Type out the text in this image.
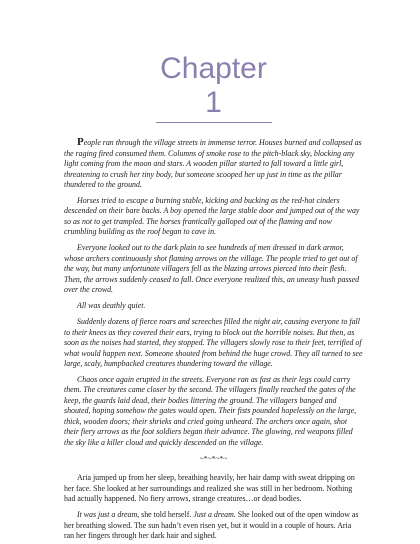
Chapter 1

People ran through the village streets in immense terror. Houses burned and collapsed as the raging fired consumed them. Columns of smoke rose to the pitch-black sky, blocking any light coming from the moon and stars. A wooden pillar started to fall toward a little girl, threatening to crush her tiny body, but someone scooped her up just in time as the pillar thundered to the ground.

Horses tried to escape a burning stable, kicking and bucking as the red-hot cinders descended on their bare backs. A boy opened the large stable door and jumped out of the way so as not to get trampled. The horses frantically galloped out of the flaming and now crumbling building as the roof began to cave in.

Everyone looked out to the dark plain to see hundreds of men dressed in dark armor, whose archers continuously shot flaming arrows on the village. The people tried to get out of the way, but many unfortunate villagers fell as the blazing arrows pierced into their flesh. Then, the arrows suddenly ceased to fall. Once everyone realized this, an uneasy hush passed over the crowd.

All was deathly quiet.

Suddenly dozens of fierce roars and screeches filled the night air, causing everyone to fall to their knees as they covered their ears, trying to block out the horrible noises. But then, as soon as the noises had started, they stopped. The villagers slowly rose to their feet, terrified of what would happen next. Someone shouted from behind the huge crowd. They all turned to see large, scaly, humpbacked creatures thundering toward the village.

Chaos once again erupted in the streets. Everyone ran as fast as their legs could carry them. The creatures came closer by the second. The villagers finally reached the gates of the keep, the guards laid dead, their bodies littering the ground. The villagers banged and shouted, hoping somehow the gates would open. Their fists pounded hopelessly on the large, thick, wooden doors; their shrieks and cried going unheard. The archers once again, shot their fiery arrows as the foot soldiers began their advance. The glowing, red weapons filled the sky like a killer cloud and quickly descended on the village.

~*~*~*~

Aria jumped up from her sleep, breathing heavily, her hair damp with sweat dripping on her face. She looked at her surroundings and realized she was still in her bedroom. Nothing had actually happened. No fiery arrows, strange creatures…or dead bodies.

It was just a dream, she told herself. Just a dream. She looked out of the open window as her breathing slowed. The sun hadn’t even risen yet, but it would in a couple of hours. Aria ran her fingers through her dark hair and sighed.
